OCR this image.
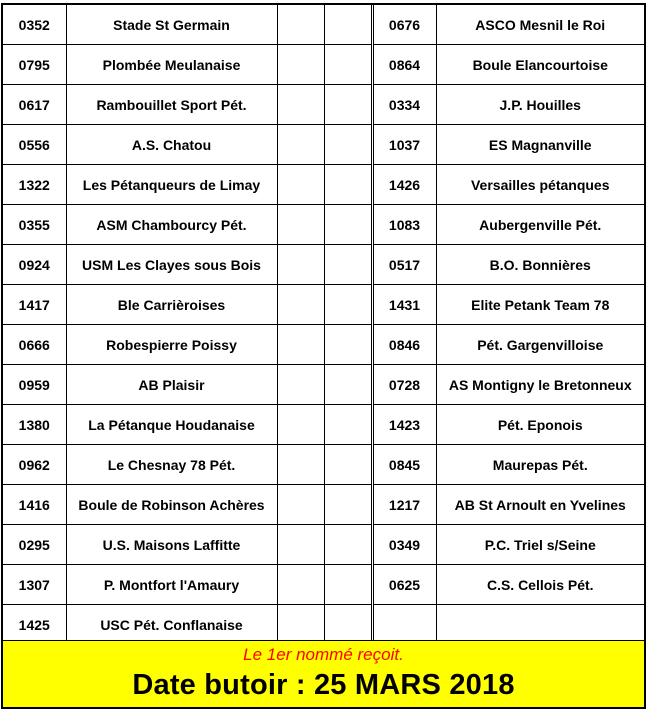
0352	Stade St Germain			0676	ASCO Mesnil le Roi
0795	Plombée Meulanaise			0864	Boule Elancourtoise
0617	Rambouillet Sport Pét.			0334	J.P. Houilles
0556	A.S. Chatou			1037	ES Magnanville
1322	Les Pétanqueurs de Limay			1426	Versailles pétanques
0355	ASM Chambourcy Pét.			1083	Aubergenville Pét.
0924	USM Les Clayes sous Bois			0517	B.O. Bonnières
1417	Ble Carrièroises			1431	Elite Petank Team 78
0666	Robespierre Poissy			0846	Pét. Gargenvilloise
0959	AB Plaisir			0728	AS Montigny le Bretonneux
1380	La Pétanque Houdanaise			1423	Pét. Eponois
0962	Le Chesnay 78 Pét.			0845	Maurepas Pét.
1416	Boule de Robinson Achères			1217	AB St Arnoult en Yvelines
0295	U.S. Maisons Laffitte			0349	P.C. Triel s/Seine
1307	P. Montfort l'Amaury			0625	C.S. Cellois Pét.
1425	USC Pét. Conflanaise				
Le 1er nommé reçoit.
Date butoir : 25 MARS 2018
